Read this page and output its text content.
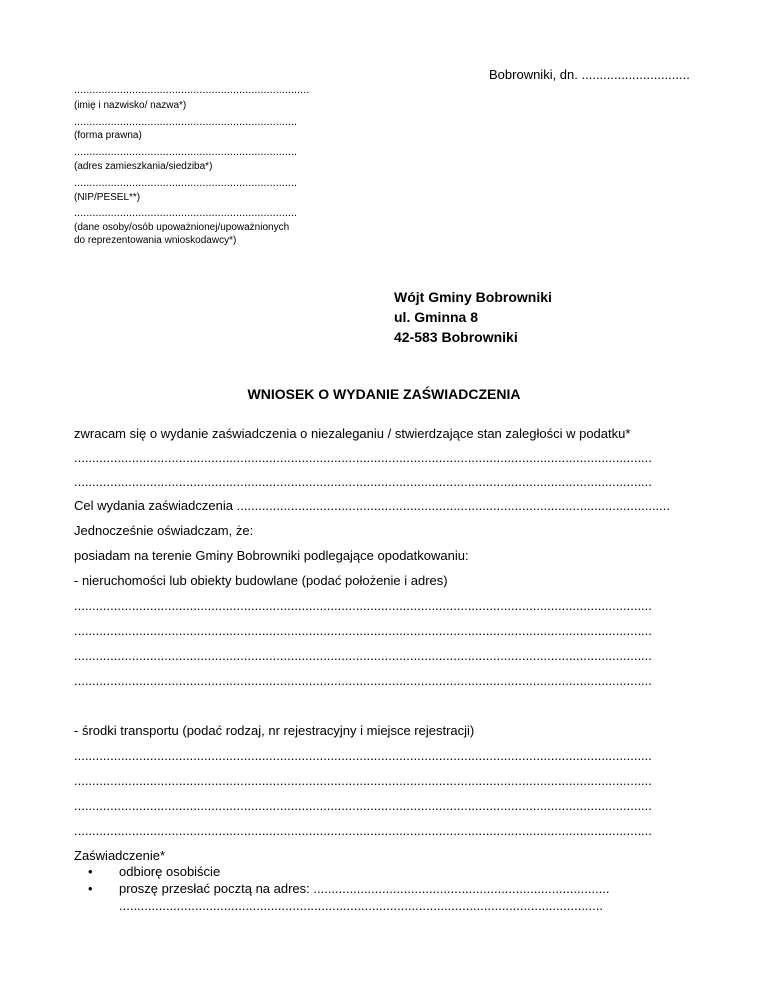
Bobrowniki, dn. ..............................
.............................................................................
(imię i nazwisko/ nazwa*)
.........................................................................
(forma prawna)
.........................................................................
(adres zamieszkania/siedziba*)
.........................................................................
(NIP/PESEL**)
.........................................................................
(dane osoby/osób upoważnionej/upoważnionych
do reprezentowania wnioskodawcy*)
Wójt Gminy Bobrowniki
ul. Gminna 8
42-583 Bobrowniki
WNIOSEK O WYDANIE ZAŚWIADCZENIA
zwracam się o wydanie zaświadczenia o niezaleganiu / stwierdzające stan zaległości w podatku*
................................................................................................................................................................
................................................................................................................................................................
Cel wydania zaświadczenia ........................................................................................................................
Jednocześnie oświadczam, że:
posiadam na terenie Gminy Bobrowniki podlegające opodatkowaniu:
- nieruchomości lub obiekty budowlane (podać położenie i adres)
................................................................................................................................................................
................................................................................................................................................................
................................................................................................................................................................
................................................................................................................................................................
- środki transportu (podać rodzaj, nr rejestracyjny i miejsce rejestracji)
................................................................................................................................................................
................................................................................................................................................................
................................................................................................................................................................
................................................................................................................................................................
Zaświadczenie*
• odbiorę osobiście
• proszę przesłać pocztą na adres: ..................................................................................
......................................................................................................................................
